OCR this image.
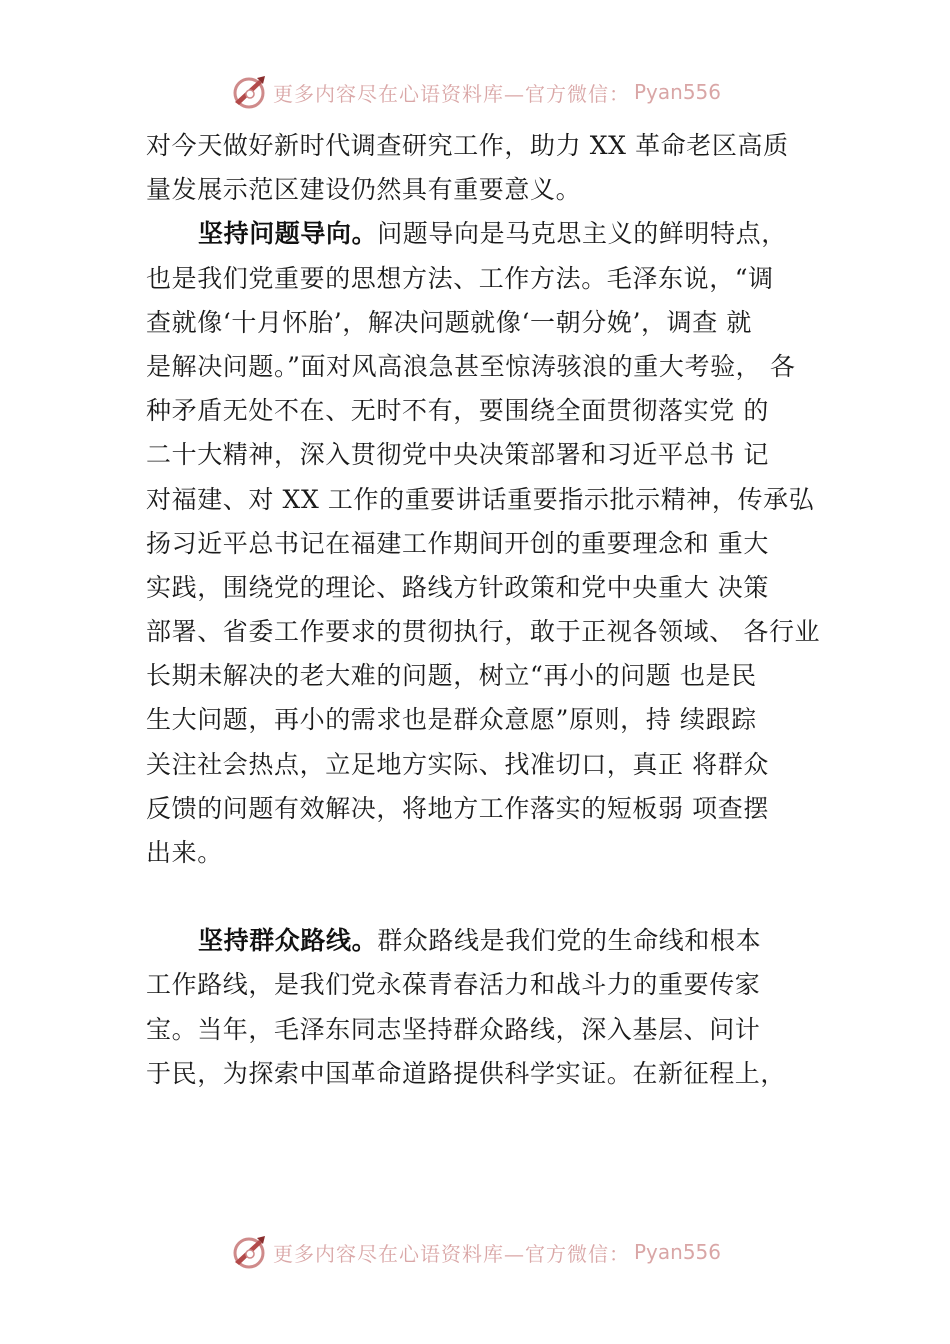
更多内容尽在心语资料库—官方微信： Pyan556

对今天做好新时代调查研究工作，助力 XX 革命老区高质
量发展示范区建设仍然具有重要意义。

坚持问题导向。问题导向是马克思主义的鲜明特点，
也是我们党重要的思想方法、工作方法。毛泽东说，“调
查就像‘十月怀胎’，解决问题就像‘一朝分娩’，调查 就
是解决问题。”面对风高浪急甚至惊涛骇浪的重大考验， 各
种矛盾无处不在、无时不有，要围绕全面贯彻落实党 的
二十大精神，深入贯彻党中央决策部署和习近平总书 记
对福建、对 XX 工作的重要讲话重要指示批示精神，传承弘
扬习近平总书记在福建工作期间开创的重要理念和 重大
实践，围绕党的理论、路线方针政策和党中央重大 决策
部署、省委工作要求的贯彻执行，敢于正视各领域、 各行业
长期未解决的老大难的问题，树立“再小的问题 也是民
生大问题，再小的需求也是群众意愿”原则，持 续跟踪
关注社会热点，立足地方实际、找准切口，真正 将群众
反馈的问题有效解决，将地方工作落实的短板弱 项查摆
出来。

坚持群众路线。群众路线是我们党的生命线和根本
工作路线，是我们党永葆青春活力和战斗力的重要传家
宝。当年，毛泽东同志坚持群众路线，深入基层、问计
于民，为探索中国革命道路提供科学实证。在新征程上，

更多内容尽在心语资料库—官方微信： Pyan556
